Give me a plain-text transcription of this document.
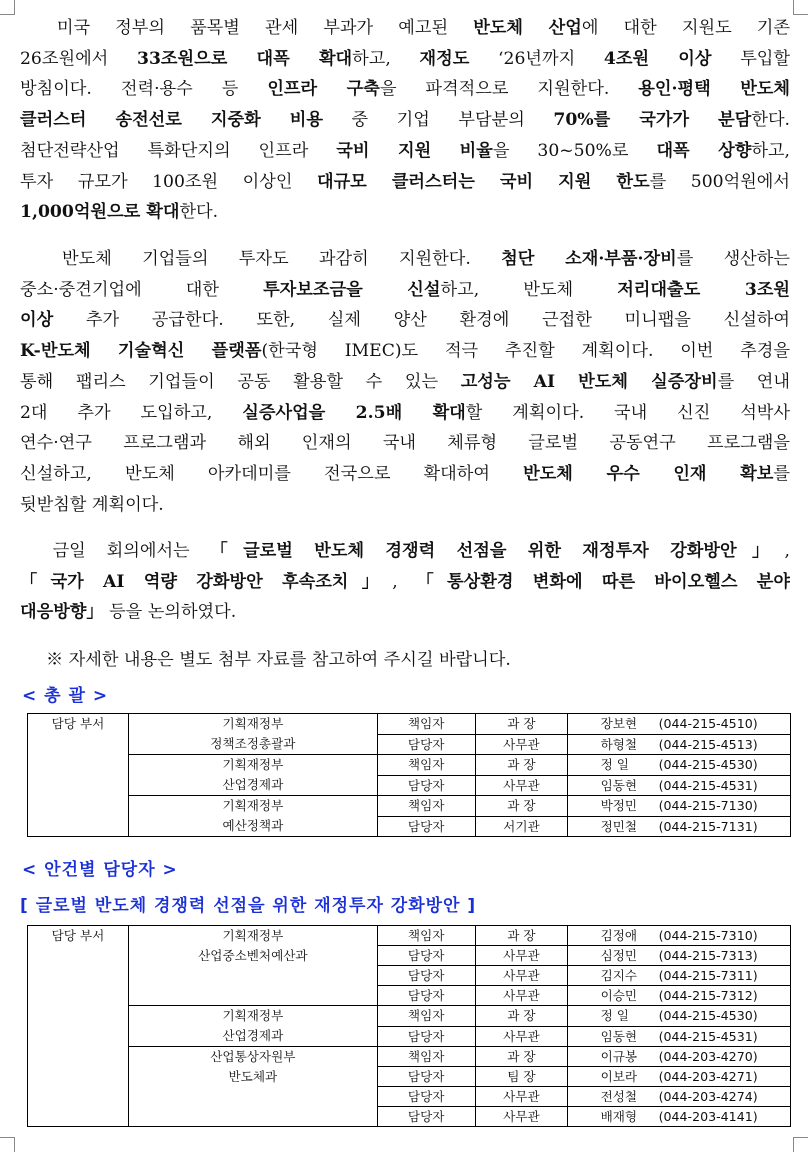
　미국 정부의 품목별 관세 부과가 예고된 반도체 산업에 대한 지원도 기존
26조원에서 33조원으로 대폭 확대하고, 재정도 ‘26년까지 4조원 이상 투입할
방침이다. 전력·용수 등 인프라 구축을 파격적으로 지원한다. 용인·평택 반도체
클러스터 송전선로 지중화 비용 중 기업 부담분의 70%를 국가가 분담한다.
첨단전략산업 특화단지의 인프라 국비 지원 비율을 30~50%로 대폭 상향하고,
투자 규모가 100조원 이상인 대규모 클러스터는 국비 지원 한도를 500억원에서
1,000억원으로 확대한다.
　반도체 기업들의 투자도 과감히 지원한다. 첨단 소재·부품·장비를 생산하는
중소·중견기업에 대한 투자보조금을 신설하고, 반도체 저리대출도 3조원
이상 추가 공급한다. 또한, 실제 양산 환경에 근접한 미니팹을 신설하여
K-반도체 기술혁신 플랫폼(한국형 IMEC)도 적극 추진할 계획이다. 이번 추경을
통해 팹리스 기업들이 공동 활용할 수 있는 고성능 AI 반도체 실증장비를 연내
2대 추가 도입하고, 실증사업을 2.5배 확대할 계획이다. 국내 신진 석박사
연수·연구 프로그램과 해외 인재의 국내 체류형 글로벌 공동연구 프로그램을
신설하고, 반도체 아카데미를 전국으로 확대하여 반도체 우수 인재 확보를
뒷받침할 계획이다.
　금일 회의에서는 「글로벌 반도체 경쟁력 선점을 위한 재정투자 강화방안」,
「국가 AI 역량 강화방안 후속조치」, 「통상환경 변화에 따른 바이오헬스 분야
대응방향」 등을 논의하였다.
※ 자세한 내용은 별도 첨부 자료를 참고하여 주시길 바랍니다.
< 총 괄 >
담당 부서	기획재정부
정책조정총괄과	책임자	과 장	장보현 (044-215-4510)
		담당자	사무관	하형철 (044-215-4513)

	기획재정부
산업경제과	책임자	과 장	정 일 (044-215-4530)
		담당자	사무관	임동현 (044-215-4531)

	기획재정부
예산정책과	책임자	과 장	박정민 (044-215-7130)
		담당자	서기관	정민철 (044-215-7131)
< 안건별 담당자 >
[ 글로벌 반도체 경쟁력 선점을 위한 재정투자 강화방안 ]
담당 부서	기획재정부
산업중소벤처예산과	책임자	과 장	김정애 (044-215-7310)
		담당자	사무관	심정민 (044-215-7313)
		담당자	사무관	김지수 (044-215-7311)
		담당자	사무관	이승민 (044-215-7312)

	기획재정부
산업경제과	책임자	과 장	정 일 (044-215-4530)
		담당자	사무관	임동현 (044-215-4531)

	산업통상자원부
반도체과	책임자	과 장	이규봉 (044-203-4270)
		담당자	팀 장	이보라 (044-203-4271)
		담당자	사무관	전성철 (044-203-4274)
		담당자	사무관	배재형 (044-203-4141)
